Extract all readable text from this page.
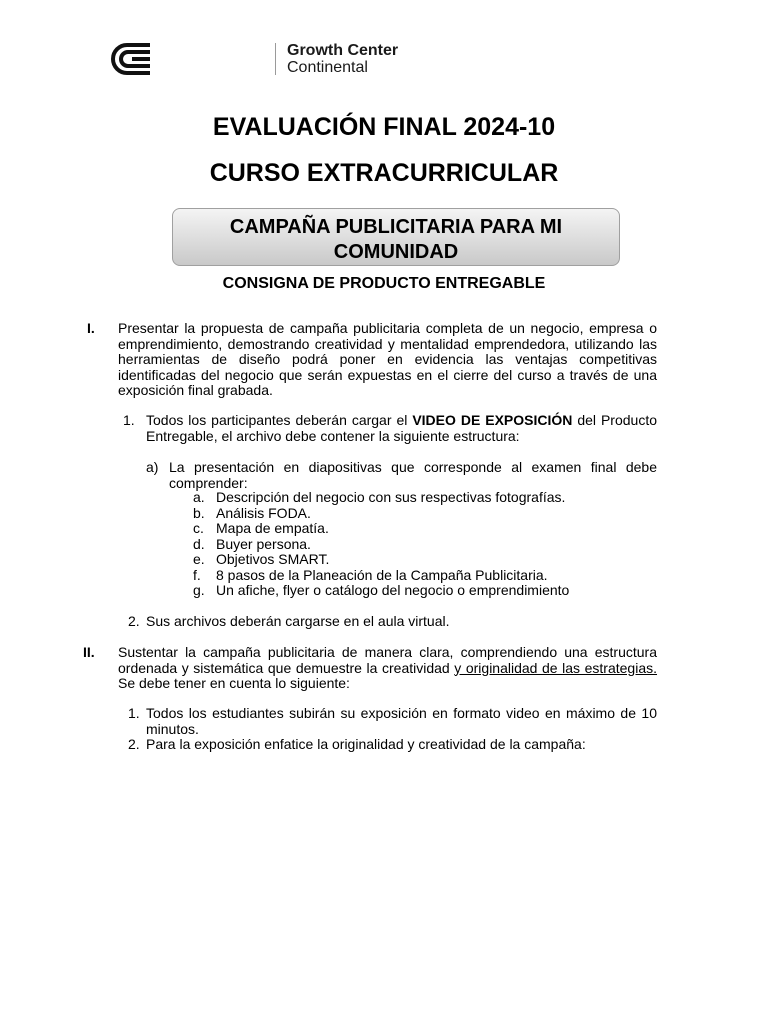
Growth Center
Continental
EVALUACIÓN FINAL 2024-10
CURSO EXTRACURRICULAR
CAMPAÑA PUBLICITARIA PARA MI
COMUNIDAD
CONSIGNA DE PRODUCTO ENTREGABLE
I. Presentar la propuesta de campaña publicitaria completa de un negocio, empresa o emprendimiento, demostrando creatividad y mentalidad emprendedora, utilizando las herramientas de diseño podrá poner en evidencia las ventajas competitivas identificadas del negocio que serán expuestas en el cierre del curso a través de una exposición final grabada.
1. Todos los participantes deberán cargar el VIDEO DE EXPOSICIÓN del Producto Entregable, el archivo debe contener la siguiente estructura:
a) La presentación en diapositivas que corresponde al examen final debe comprender:
a. Descripción del negocio con sus respectivas fotografías.
b. Análisis FODA.
c. Mapa de empatía.
d. Buyer persona.
e. Objetivos SMART.
f. 8 pasos de la Planeación de la Campaña Publicitaria.
g. Un afiche, flyer o catálogo del negocio o emprendimiento
2. Sus archivos deberán cargarse en el aula virtual.
II. Sustentar la campaña publicitaria de manera clara, comprendiendo una estructura ordenada y sistemática que demuestre la creatividad y originalidad de las estrategias. Se debe tener en cuenta lo siguiente:
1. Todos los estudiantes subirán su exposición en formato video en máximo de 10 minutos.
2. Para la exposición enfatice la originalidad y creatividad de la campaña:
